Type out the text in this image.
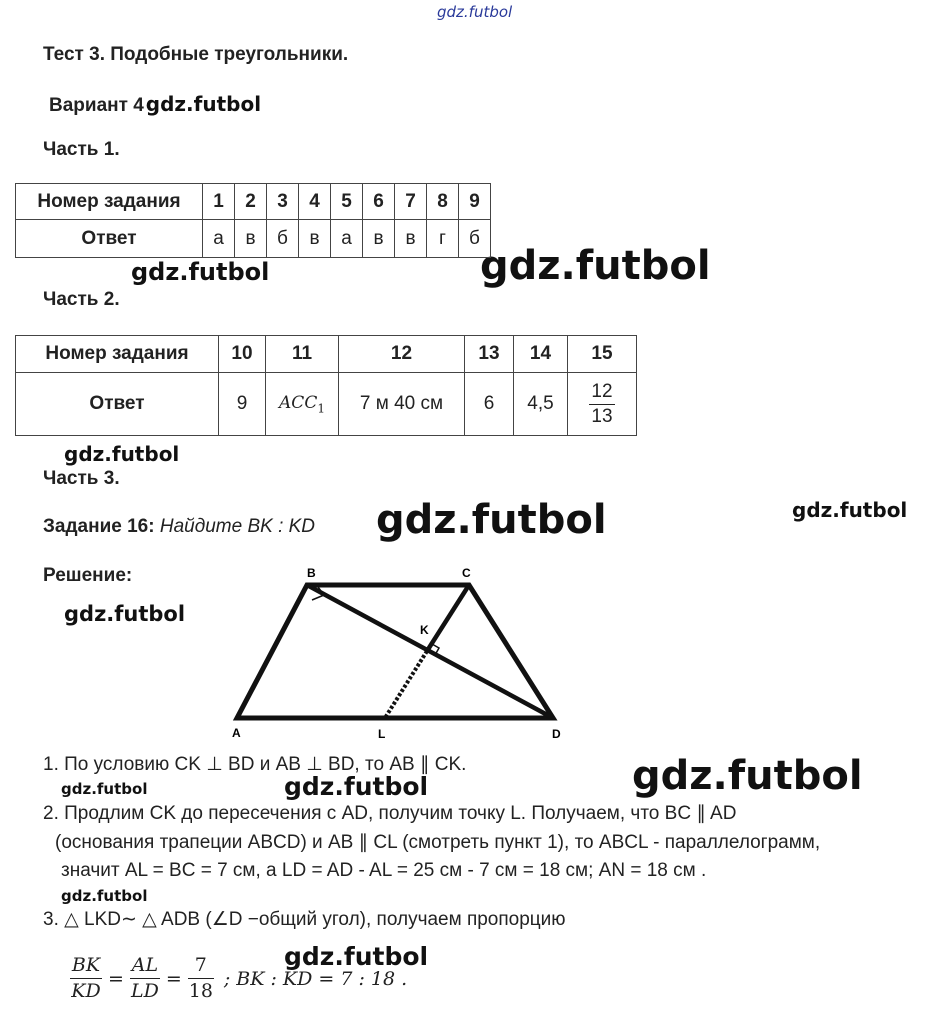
gdz.futbol
gdz.futbol	gdz.futbol
gdz.futbol
gdz.futbol	gdz.futbol
gdz.futbol
gdz.futbol	gdz.futbol
gdz.futbol
gdz.futbol
gdz.futbol
Тест 3. Подобные треугольники.
Вариант 4 gdz.futbol
Часть 1.
Номер задания	1	2	3	4	5	6	7	8	9
Ответ	а	в	б	в	а	в	в	г	б
Часть 2.
Номер задания	10	11	12	13	14	15
Ответ	9	$ACC_1$	7 м 40 см	6	4,5	$\frac{12}{13}$
Часть 3.
Задание 16: Найдите BK : KD
Решение:	B	C
K
A	L	D
1. По условию CK ⊥ BD и AB ⊥ BD, то AB ∥ CK.
2. Продлим CK до пересечения с AD, получим точку L. Получаем, что BC ∥ AD
(основания трапеции ABCD) и AB ∥ CL (смотреть пункт 1), то ABCL - параллелограмм,
значит AL = BC = 7 см, а LD = AD - AL = 25 см - 7 см = 18 см; AN = 18 см .
3. △ LKD∼ △ ADB (∠D −общий угол), получаем пропорцию
BK
KD
=
AL
LD
=
7
18
; BK : KD = 7 : 18 .
